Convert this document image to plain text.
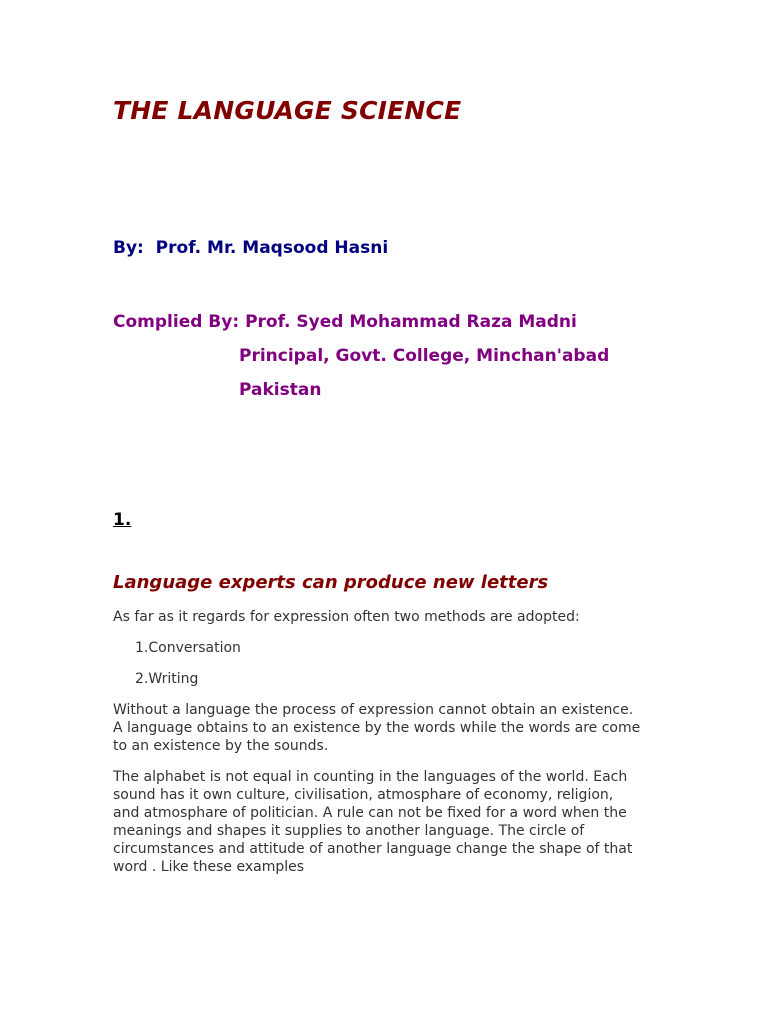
THE LANGUAGE SCIENCE

By:  Prof. Mr. Maqsood Hasni

Complied By: Prof. Syed Mohammad Raza Madni
Principal, Govt. College, Minchan'abad
Pakistan

1.

Language experts can produce new letters

As far as it regards for expression often two methods are adopted:

1.Conversation

2.Writing

Without a language the process of expression cannot obtain an existence. A language obtains to an existence by the words while the words are come to an existence by the sounds.

The alphabet is not equal in counting in the languages of the world. Each sound has it own culture, civilisation, atmosphare of economy, religion, and atmosphare of politician. A rule can not be fixed for a word when the meanings and shapes it supplies to another language. The circle of circumstances and attitude of another language change the shape of that word . Like these examples
